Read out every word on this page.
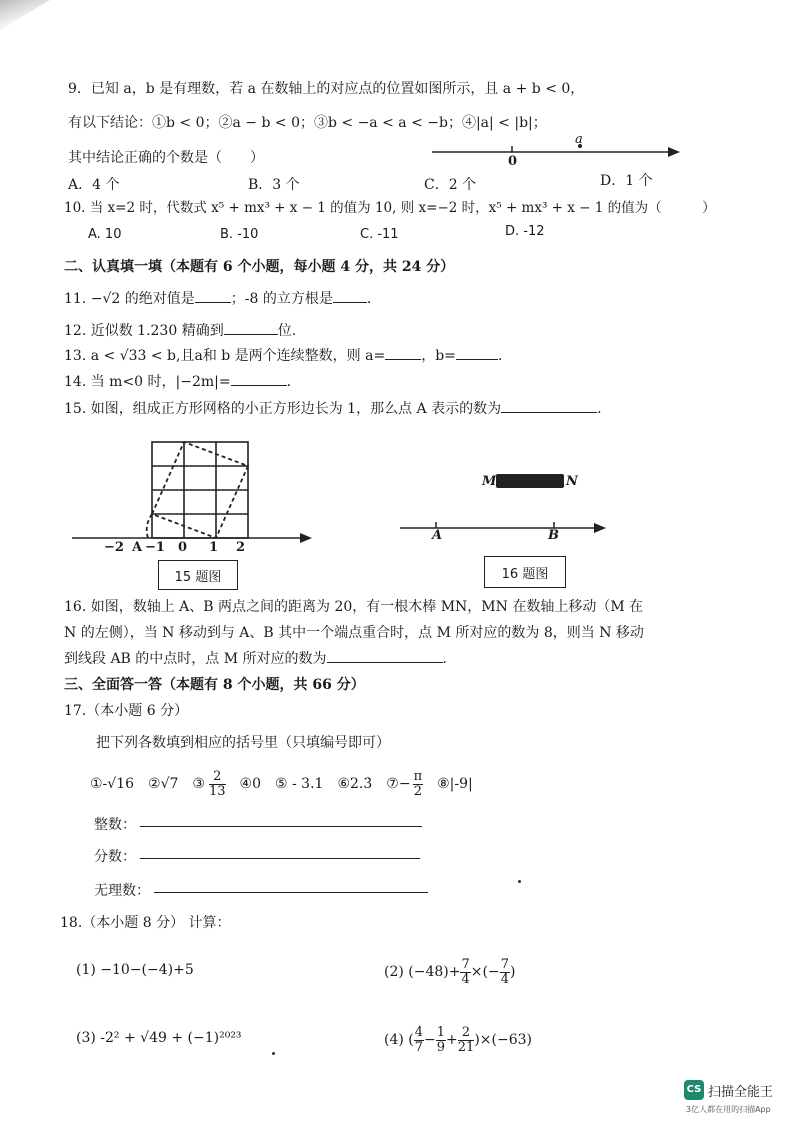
9．已知 a，b 是有理数，若 a 在数轴上的对应点的位置如图所示，且 a + b < 0，
有以下结论：①b < 0；②a − b < 0；③b < −a < a < −b；④|a| < |b|；
其中结论正确的个数是（　　）	0
a
A．4 个	B．3 个	C．2 个	D．1 个
10. 当 x=2 时，代数式 x⁵ + mx³ + x − 1 的值为 10, 则 x=−2 时，x⁵ + mx³ + x − 1 的值为（　　　）
A. 10	B. -10	C. -11	D. -12
二、认真填一填（本题有 6 个小题，每小题 4 分，共 24 分）
11. −√2 的绝对值是	；-8 的立方根是 .
12. 近似数 1.230 精确到	位.
13. a < √33 < b,且a和 b 是两个连续整数，则 a=	，b=	.
14. 当 m<0 时，|−2m|=	.
15. 如图，组成正方形网格的小正方形边长为 1，那么点 A 表示的数为	.
−2 A −1 0 1 2
15 题图
M	N
A	B
16 题图
16. 如图，数轴上 A、B 两点之间的距离为 20，有一根木棒 MN，MN 在数轴上移动（M 在
N 的左侧），当 N 移动到与 A、B 其中一个端点重合时，点 M 所对应的数为 8，则当 N 移动
到线段 AB 的中点时，点 M 所对应的数为	.
三、全面答一答（本题有 8 个小题，共 66 分）
17.（本小题 6 分）
把下列各数填到相应的括号里（只填编号即可）
①-√16 ②√7 ③ $\frac{2}{13}$ ④0 ⑤ - 3.1 ⑥2.3̇ ⑦− $\frac{\pi}{2}$ ⑧|-9|
整数：
分数：
无理数：
18.（本小题 8 分） 计算：
(1) −10−(−4)+5	(2) $(-48)+ \frac{7}{4}$ ×(− $\frac{7}{4}$ )
(3) -2² + √49 + (−1)²⁰²³	(4) ( $\frac{4}{7} - \frac{1}{9} + \frac{2}{21} )\times(-63)$
CS 扫描全能王
3亿人都在用的扫描App
